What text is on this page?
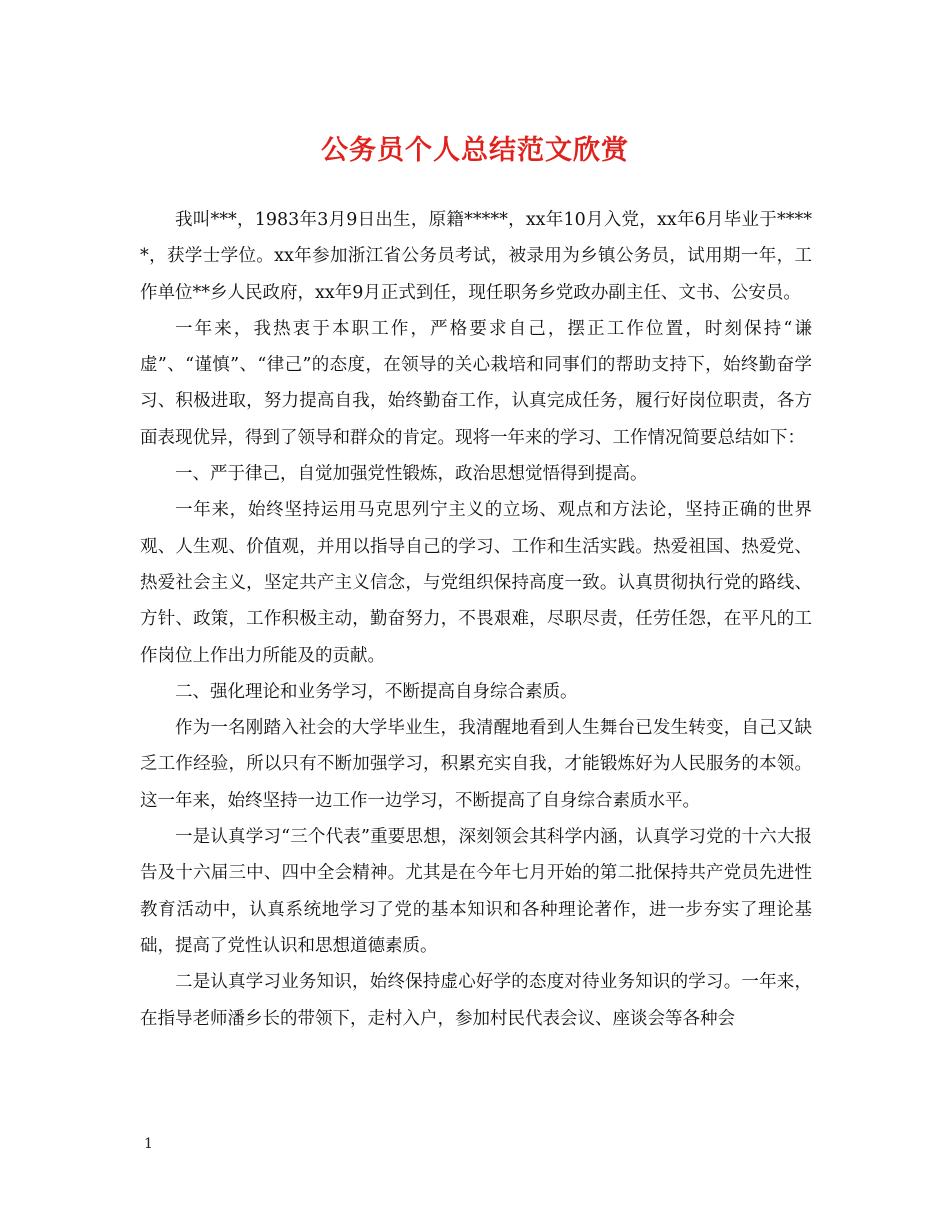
公务员个人总结范文欣赏

我叫***，1983年3月9日出生，原籍*****，xx年10月入党，xx年6月毕业于*****，获学士学位。xx年参加浙江省公务员考试，被录用为乡镇公务员，试用期一年，工作单位**乡人民政府，xx年9月正式到任，现任职务乡党政办副主任、文书、公安员。

一年来，我热衷于本职工作，严格要求自己，摆正工作位置，时刻保持“谦虚”、“谨慎”、“律己”的态度，在领导的关心栽培和同事们的帮助支持下，始终勤奋学习、积极进取，努力提高自我，始终勤奋工作，认真完成任务，履行好岗位职责，各方面表现优异，得到了领导和群众的肯定。现将一年来的学习、工作情况简要总结如下：

一、严于律己，自觉加强党性锻炼，政治思想觉悟得到提高。

一年来，始终坚持运用马克思列宁主义的立场、观点和方法论，坚持正确的世界观、人生观、价值观，并用以指导自己的学习、工作和生活实践。热爱祖国、热爱党、热爱社会主义，坚定共产主义信念，与党组织保持高度一致。认真贯彻执行党的路线、方针、政策，工作积极主动，勤奋努力，不畏艰难，尽职尽责，任劳任怨，在平凡的工作岗位上作出力所能及的贡献。

二、强化理论和业务学习，不断提高自身综合素质。

作为一名刚踏入社会的大学毕业生，我清醒地看到人生舞台已发生转变，自己又缺乏工作经验，所以只有不断加强学习，积累充实自我，才能锻炼好为人民服务的本领。这一年来，始终坚持一边工作一边学习，不断提高了自身综合素质水平。

一是认真学习“三个代表”重要思想，深刻领会其科学内涵，认真学习党的十六大报告及十六届三中、四中全会精神。尤其是在今年七月开始的第二批保持共产党员先进性教育活动中，认真系统地学习了党的基本知识和各种理论著作，进一步夯实了理论基础，提高了党性认识和思想道德素质。

二是认真学习业务知识，始终保持虚心好学的态度对待业务知识的学习。一年来，在指导老师潘乡长的带领下，走村入户，参加村民代表会议、座谈会等各种会

1
